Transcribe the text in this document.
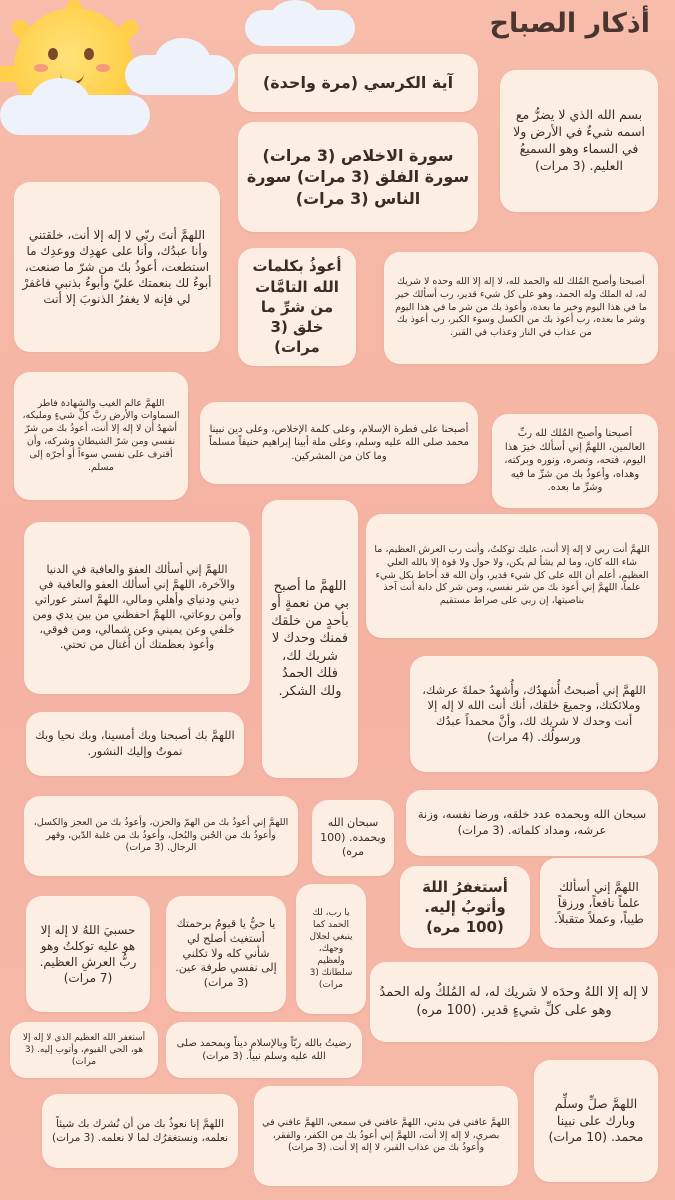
أذكار الصباح
آية الكرسي (مرة واحدة)
بسم الله الذي لا يضرُّ مع اسمه شيءٌ في الأرض ولا في السماء وهو السميعُ العليم. (3 مرات)
سورة الاخلاص (3 مرات) سورة الفلق (3 مرات) سورة الناس (3 مرات)
اللهمَّ أنتَ ربّي لا إله إلا أنت، خلقتني وأنا عبدُك، وأنا على عهدِك ووعدِك ما استطعت، أعوذُ بك من شرّ ما صنعت، أبوءُ لك بنعمتك عليّ وأبوءُ بذنبي فاغفرْ لي فإنه لا يغفرُ الذنوبَ إلا أنت
أعوذُ بكلمات الله التامَّات من شرِّ ما خلق (3 مرات)
أصبحنا وأصبح المُلك لله والحمد لله، لا إله إلا الله وحده لا شريك له، له الملك وله الحمد، وهو على كل شيء قدير، رب أسألك خير ما في هذا اليوم وخير ما بعده، وأعوذ بك من شر ما في هذا اليوم وشر ما بعده، رب أعوذ بك من الكسل وسوء الكبر، رب أعوذ بك من عذاب في النار وعذاب في القبر.
اللهمَّ عالم الغيب والشهادة فاطر السماوات والأرض ربَّ كلِّ شيءٍ ومليكه، أشهدُ أن لا إله إلا أنت، أعوذُ بك من شرّ نفسي ومن شرّ الشيطان وشركه، وأن أقترف على نفسي سوءاً أو أجرّه إلى مسلم.
أصبحنا على فطرة الإسلام، وعلى كلمة الإخلاص، وعلى دين نبينا محمد صلى الله عليه وسلم، وعلى ملة أبينا إبراهيم حنيفاً مسلماً وما كان من المشركين.
أصبحنا وأصبح المُلك لله ربِّ العالمين، اللهمَّ إني أسألك خيرَ هذا اليوم، فتحه، ونصره، ونوره وبركته، وهداه، وأعوذُ بك من شرِّ ما فيه وشرِّ ما بعده.
اللهمَّ إني أسألك العفوَ والعافية في الدنيا والآخرة، اللهمَّ إني أسألك العفو والعافية في ديني ودنياي وأهلي ومالي، اللهمَّ استر عوراتي وآمن روعاتي، اللهمَّ احفظني من بين يدي ومن خلفي وعن يميني وعن شمالي، ومن فوقي، وأعوذ بعظمتك أن أُغتال من تحتي.
اللهمَّ ما أصبح بي من نعمةٍ أو بأحدٍ من خلقك فمنك وحدك لا شريك لك، فلك الحمدُ ولك الشكر.
اللهمَّ أنت ربي لا إله إلا أنت، عليك توكلتُ، وأنت رب العرش العظيم، ما شاء الله كان، وما لم يشأ لم يكن، ولا حول ولا قوة إلا بالله العلي العظيم، أعلم أن الله على كل شيء قدير، وأن الله قد أحاط بكل شيء علماً، اللهمَّ إني أعوذ بك من شر نفسي، ومن شر كل دابة أنت آخذ بناصيتها، إن ربي على صراط مستقيم
اللهمَّ إني أصبحتُ أُشهدُك، وأُشهدُ حملةَ عرشك، وملائكتك، وجميعَ خلقك، أنك أنت الله لا إله إلا أنت وحدك لا شريك لك، وأنَّ محمداً عبدُك ورسولُك. (4 مرات)
اللهمَّ بك أصبحنا وبك أمسينا، وبك نحيا وبك نموتُ وإليك النشور.
اللهمَّ إني أعوذُ بك من الهمّ والحزن، وأعوذُ بك من العجز والكسل، وأعوذُ بك من الجُبن والبُخل، وأعوذُ بك من غلبة الدّين، وقهر الرجال. (3 مرات)
سبحان الله وبحمده. (100 مره)
سبحان الله وبحمده عدد خلقه، ورضا نفسه، وزنة عرشه، ومداد كلماته. (3 مرات)
حسبيَ اللهُ لا إله إلا هو عليه توكلتُ وهو ربُّ العرشِ العظيم. (7 مرات)
يا حيُّ يا قيومُ برحمتك أستغيث أصلح لي شأني كله ولا تكلني إلى نفسي طرفة عين. (3 مرات)
يا رب، لك الحمد كما ينبغي لجلال وجهك، ولعظيم سلطانك (3 مرات)
أستغفرُ اللهَ وأتوبُ إليه. (100 مره)
اللهمَّ إني أسألك علماً نافعاً، ورزقاً طيباً، وعملاً متقبلاً.
لا إله إلا اللهُ وحدَه لا شريك له، له المُلكُ وله الحمدُ وهو على كلِّ شيءٍ قدير. (100 مره)
أستغفر الله العظيم الذي لا إله إلا هو، الحي القيوم، وأتوب إليه. (3 مرات)
رضيتُ بالله ربّاً وبالإسلام ديناً وبمحمد صلى الله عليه وسلم نبياً. (3 مرات)
اللهمَّ صلِّ وسلِّم وبارك على نبينا محمد. (10 مرات)
اللهمَّ عافني في بدني، اللهمَّ عافني في سمعي، اللهمَّ عافني في بصري، لا إله إلا أنت، اللهمَّ إني أعوذُ بك من الكفر، والفقر، وأعوذُ بك من عذاب القبر، لا إله إلا أنت. (3 مرات)
اللهمَّ إنا نعوذُ بك من أن نُشرك بك شيئاً نعلمه، ونستغفرُك لما لا نعلمه. (3 مرات)
